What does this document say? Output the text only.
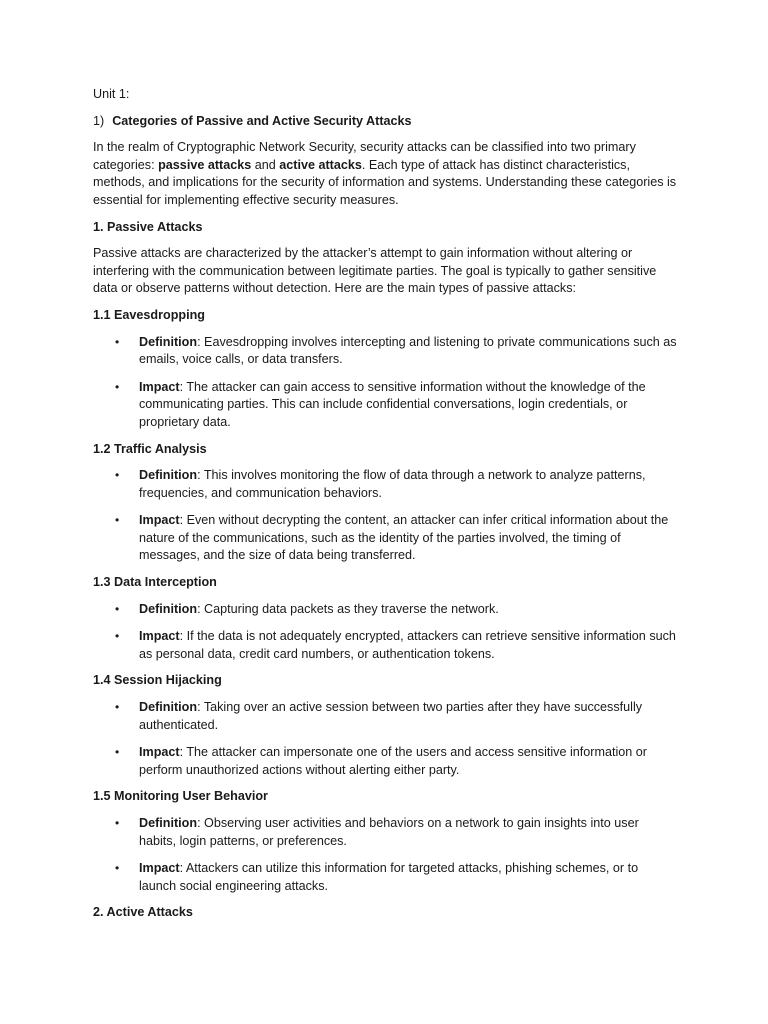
Unit 1:

1) Categories of Passive and Active Security Attacks

In the realm of Cryptographic Network Security, security attacks can be classified into two primary categories: passive attacks and active attacks. Each type of attack has distinct characteristics, methods, and implications for the security of information and systems. Understanding these categories is essential for implementing effective security measures.

1. Passive Attacks

Passive attacks are characterized by the attacker’s attempt to gain information without altering or interfering with the communication between legitimate parties. The goal is typically to gather sensitive data or observe patterns without detection. Here are the main types of passive attacks:

1.1 Eavesdropping

• Definition: Eavesdropping involves intercepting and listening to private communications such as emails, voice calls, or data transfers.
• Impact: The attacker can gain access to sensitive information without the knowledge of the communicating parties. This can include confidential conversations, login credentials, or proprietary data.

1.2 Traffic Analysis

• Definition: This involves monitoring the flow of data through a network to analyze patterns, frequencies, and communication behaviors.
• Impact: Even without decrypting the content, an attacker can infer critical information about the nature of the communications, such as the identity of the parties involved, the timing of messages, and the size of data being transferred.

1.3 Data Interception

• Definition: Capturing data packets as they traverse the network.
• Impact: If the data is not adequately encrypted, attackers can retrieve sensitive information such as personal data, credit card numbers, or authentication tokens.

1.4 Session Hijacking

• Definition: Taking over an active session between two parties after they have successfully authenticated.
• Impact: The attacker can impersonate one of the users and access sensitive information or perform unauthorized actions without alerting either party.

1.5 Monitoring User Behavior

• Definition: Observing user activities and behaviors on a network to gain insights into user habits, login patterns, or preferences.
• Impact: Attackers can utilize this information for targeted attacks, phishing schemes, or to launch social engineering attacks.

2. Active Attacks
